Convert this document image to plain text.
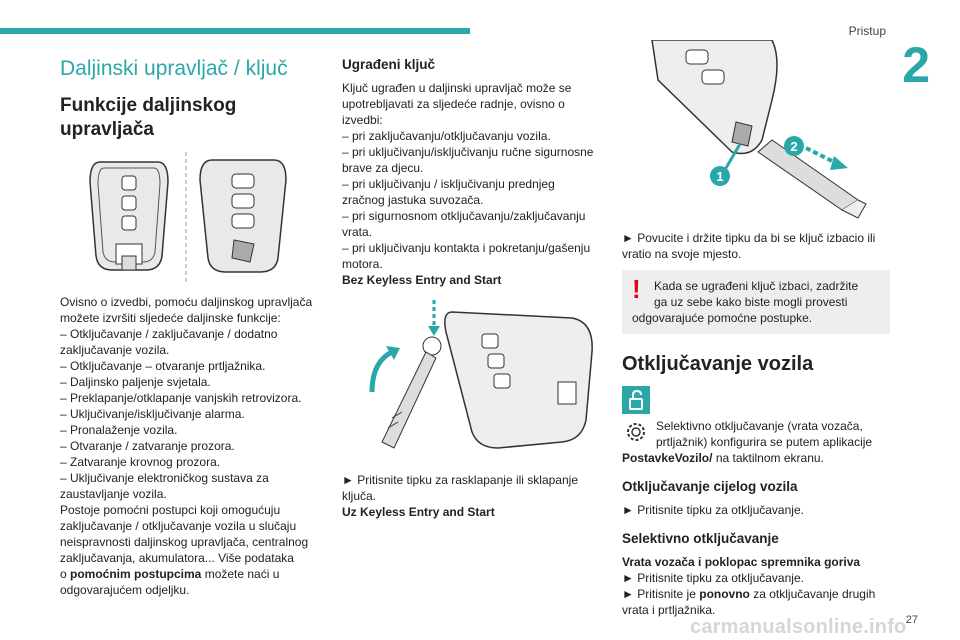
Pristup
2
Daljinski upravljač / ključ
Funkcije daljinskog upravljača
Ovisno o izvedbi, pomoću daljinskog upravljača
možete izvršiti sljedeće daljinske funkcije:
– Otključavanje / zaključavanje / dodatno
zaključavanje vozila.
– Otključavanje – otvaranje prtljažnika.
– Daljinsko paljenje svjetala.
– Preklapanje/otklapanje vanjskih retrovizora.
– Uključivanje/isključivanje alarma.
– Pronalaženje vozila.
– Otvaranje / zatvaranje prozora.
– Zatvaranje krovnog prozora.
– Uključivanje elektroničkog sustava za
zaustavljanje vozila.
Postoje pomoćni postupci koji omogućuju
zaključavanje / otključavanje vozila u slučaju
neispravnosti daljinskog upravljača, centralnog
zaključavanja, akumulatora... Više podataka
o pomoćnim postupcima možete naći u
odgovarajućem odjeljku.
Ugrađeni ključ
Ključ ugrađen u daljinski upravljač može se
upotrebljavati za sljedeće radnje, ovisno o
izvedbi:
– pri zaključavanju/otključavanju vozila.
– pri uključivanju/isključivanju ručne sigurnosne
brave za djecu.
– pri uključivanju / isključivanju prednjeg
zračnog jastuka suvozača.
– pri sigurnosnom otključavanju/zaključavanju
vrata.
– pri uključivanju kontakta i pokretanju/gašenju
motora.
Bez Keyless Entry and Start
► Pritisnite tipku za rasklapanje ili sklapanje
ključa.
Uz Keyless Entry and Start
1
2
► Povucite i držite tipku da bi se ključ izbacio ili
vratio na svoje mjesto.
! Kada se ugrađeni ključ izbaci, zadržite
ga uz sebe kako biste mogli provesti
odgovarajuće pomoćne postupke.
Otključavanje vozila
Selektivno otključavanje (vrata vozača,
prtljažnik) konfigurira se putem aplikacije
PostavkeVozilo/ na taktilnom ekranu.
Otključavanje cijelog vozila
► Pritisnite tipku za otključavanje.
Selektivno otključavanje
Vrata vozača i poklopac spremnika goriva
► Pritisnite tipku za otključavanje.
► Pritisnite je ponovno za otključavanje drugih
vrata i prtljažnika.
27
carmanualsonline.info
